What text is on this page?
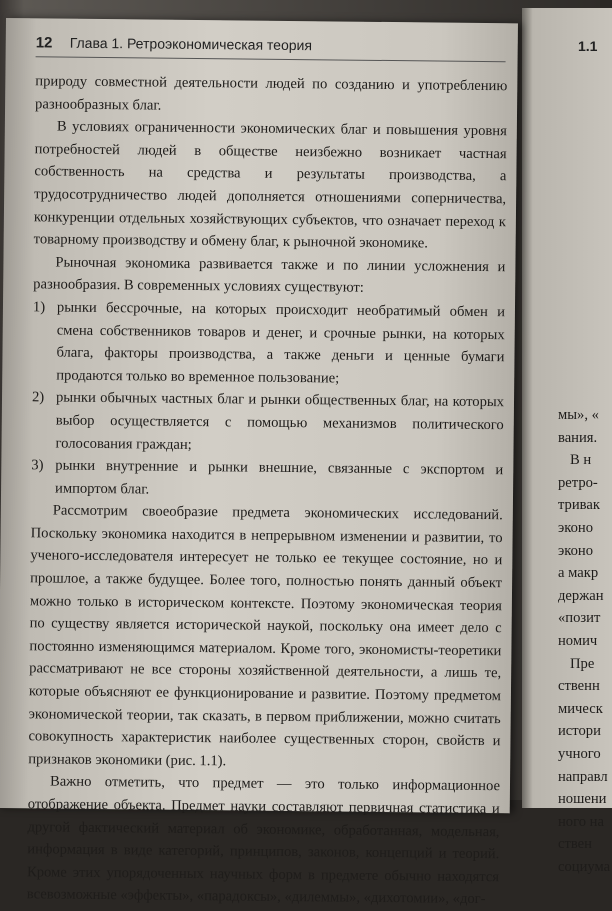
1.1
мы», «
вания.
В н
ретро-
тривак
эконо
эконо
а макр
держан
«позит
номич
Пре
ственн
мическ
истори
учного
направл
ношени
ного на
ствен
социума
12 Глава 1. Ретроэкономическая теория

природу совместной деятельности людей по созданию и употреблению разнообразных благ.

В условиях ограниченности экономических благ и повышения уровня потребностей людей в обществе неизбежно возникает частная собственность на средства и результаты производства, а трудосотрудничество людей дополняется отношениями соперничества, конкуренции отдельных хозяйствующих субъектов, что означает переход к товарному производству и обмену благ, к рыночной экономике.

Рыночная экономика развивается также и по линии усложнения и разнообразия. В современных условиях существуют:

1) рынки бессрочные, на которых происходит необратимый обмен и смена собственников товаров и денег, и срочные рынки, на которых блага, факторы производства, а также деньги и ценные бумаги продаются только во временное пользование;
2) рынки обычных частных благ и рынки общественных благ, на которых выбор осуществляется с помощью механизмов политического голосования граждан;
3) рынки внутренние и рынки внешние, связанные с экспортом и импортом благ.

Рассмотрим своеобразие предмета экономических исследований. Поскольку экономика находится в непрерывном изменении и развитии, то ученого-исследователя интересует не только ее текущее состояние, но и прошлое, а также будущее. Более того, полностью понять данный объект можно только в историческом контексте. Поэтому экономическая теория по существу является исторической наукой, поскольку она имеет дело с постоянно изменяющимся материалом. Кроме того, экономисты-теоретики рассматривают не все стороны хозяйственной деятельности, а лишь те, которые объясняют ее функционирование и развитие. Поэтому предметом экономической теории, так сказать, в первом приближении, можно считать совокупность характеристик наиболее существенных сторон, свойств и признаков экономики (рис. 1.1).

Важно отметить, что предмет — это только информационное отображение объекта. Предмет науки составляют первичная статистика и другой фактический материал об экономике, обработанная, модельная, информация в виде категорий, принципов, законов, концепций и теорий. Кроме этих упорядоченных научных форм в предмете обычно находятся всевозможные «эффекты», «парадоксы», «дилеммы», «дихотомии», «дог-
